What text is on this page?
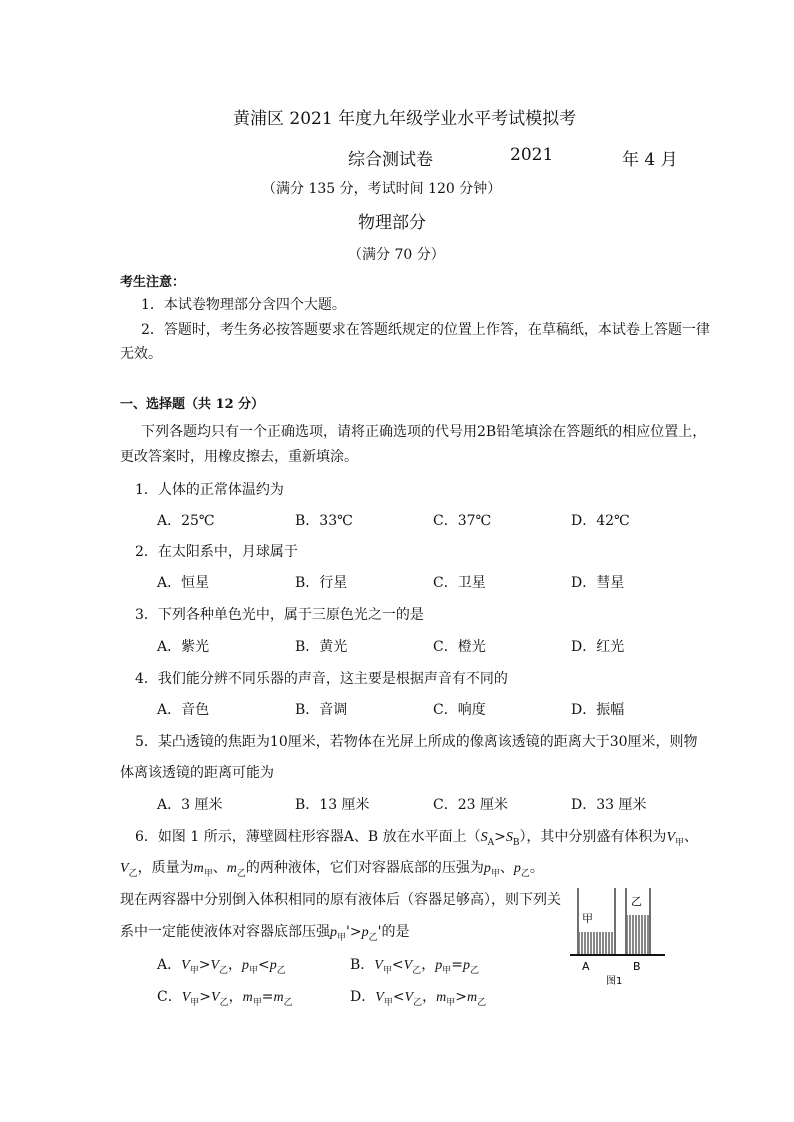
黄浦区 2021 年度九年级学业水平考试模拟考
综合测试卷	2021	年 4 月
（满分 135 分，考试时间 120 分钟）
物理部分
（满分 70 分）
考生注意：
1．本试卷物理部分含四个大题。
2．答题时，考生务必按答题要求在答题纸规定的位置上作答，在草稿纸，本试卷上答题一律
无效。
一、选择题（共 12 分）
下列各题均只有一个正确选项，请将正确选项的代号用2B铅笔填涂在答题纸的相应位置上，
更改答案时，用橡皮擦去，重新填涂。
1．人体的正常体温约为
A．25℃	B．33℃	C．37℃	D．42℃
2．在太阳系中，月球属于
A．恒星	B．行星	C．卫星	D．彗星
3．下列各种单色光中，属于三原色光之一的是
A．紫光	B．黄光	C．橙光	D．红光
4．我们能分辨不同乐器的声音，这主要是根据声音有不同的
A．音色	B．音调	C．响度	D．振幅
5．某凸透镜的焦距为10厘米，若物体在光屏上所成的像离该透镜的距离大于30厘米，则物
体离该透镜的距离可能为
A．3 厘米	B．13 厘米	C．23 厘米	D．33 厘米
6．如图 1 所示，薄壁圆柱形容器A、B 放在水平面上$(S_A>S_B)$，其中分别盛有体积为$V_甲$、
$V_乙$，质量为$m_甲$、$m_乙$的两种液体，它们对容器底部的压强为$p_甲$、$p_乙$。
现在两容器中分别倒入体积相同的原有液体后（容器足够高），则下列关
系中一定能使液体对容器底部压强$p_甲'>p_乙'$的是
A．$V_甲>V_乙$，$p_甲<p_乙$	B．$V_甲<V_乙$，$p_甲=p_乙$
C．$V_甲>V_乙$，$m_甲=m_乙$	D．$V_甲<V_乙$，$m_甲>m_乙$
甲
乙
A	B
图1
